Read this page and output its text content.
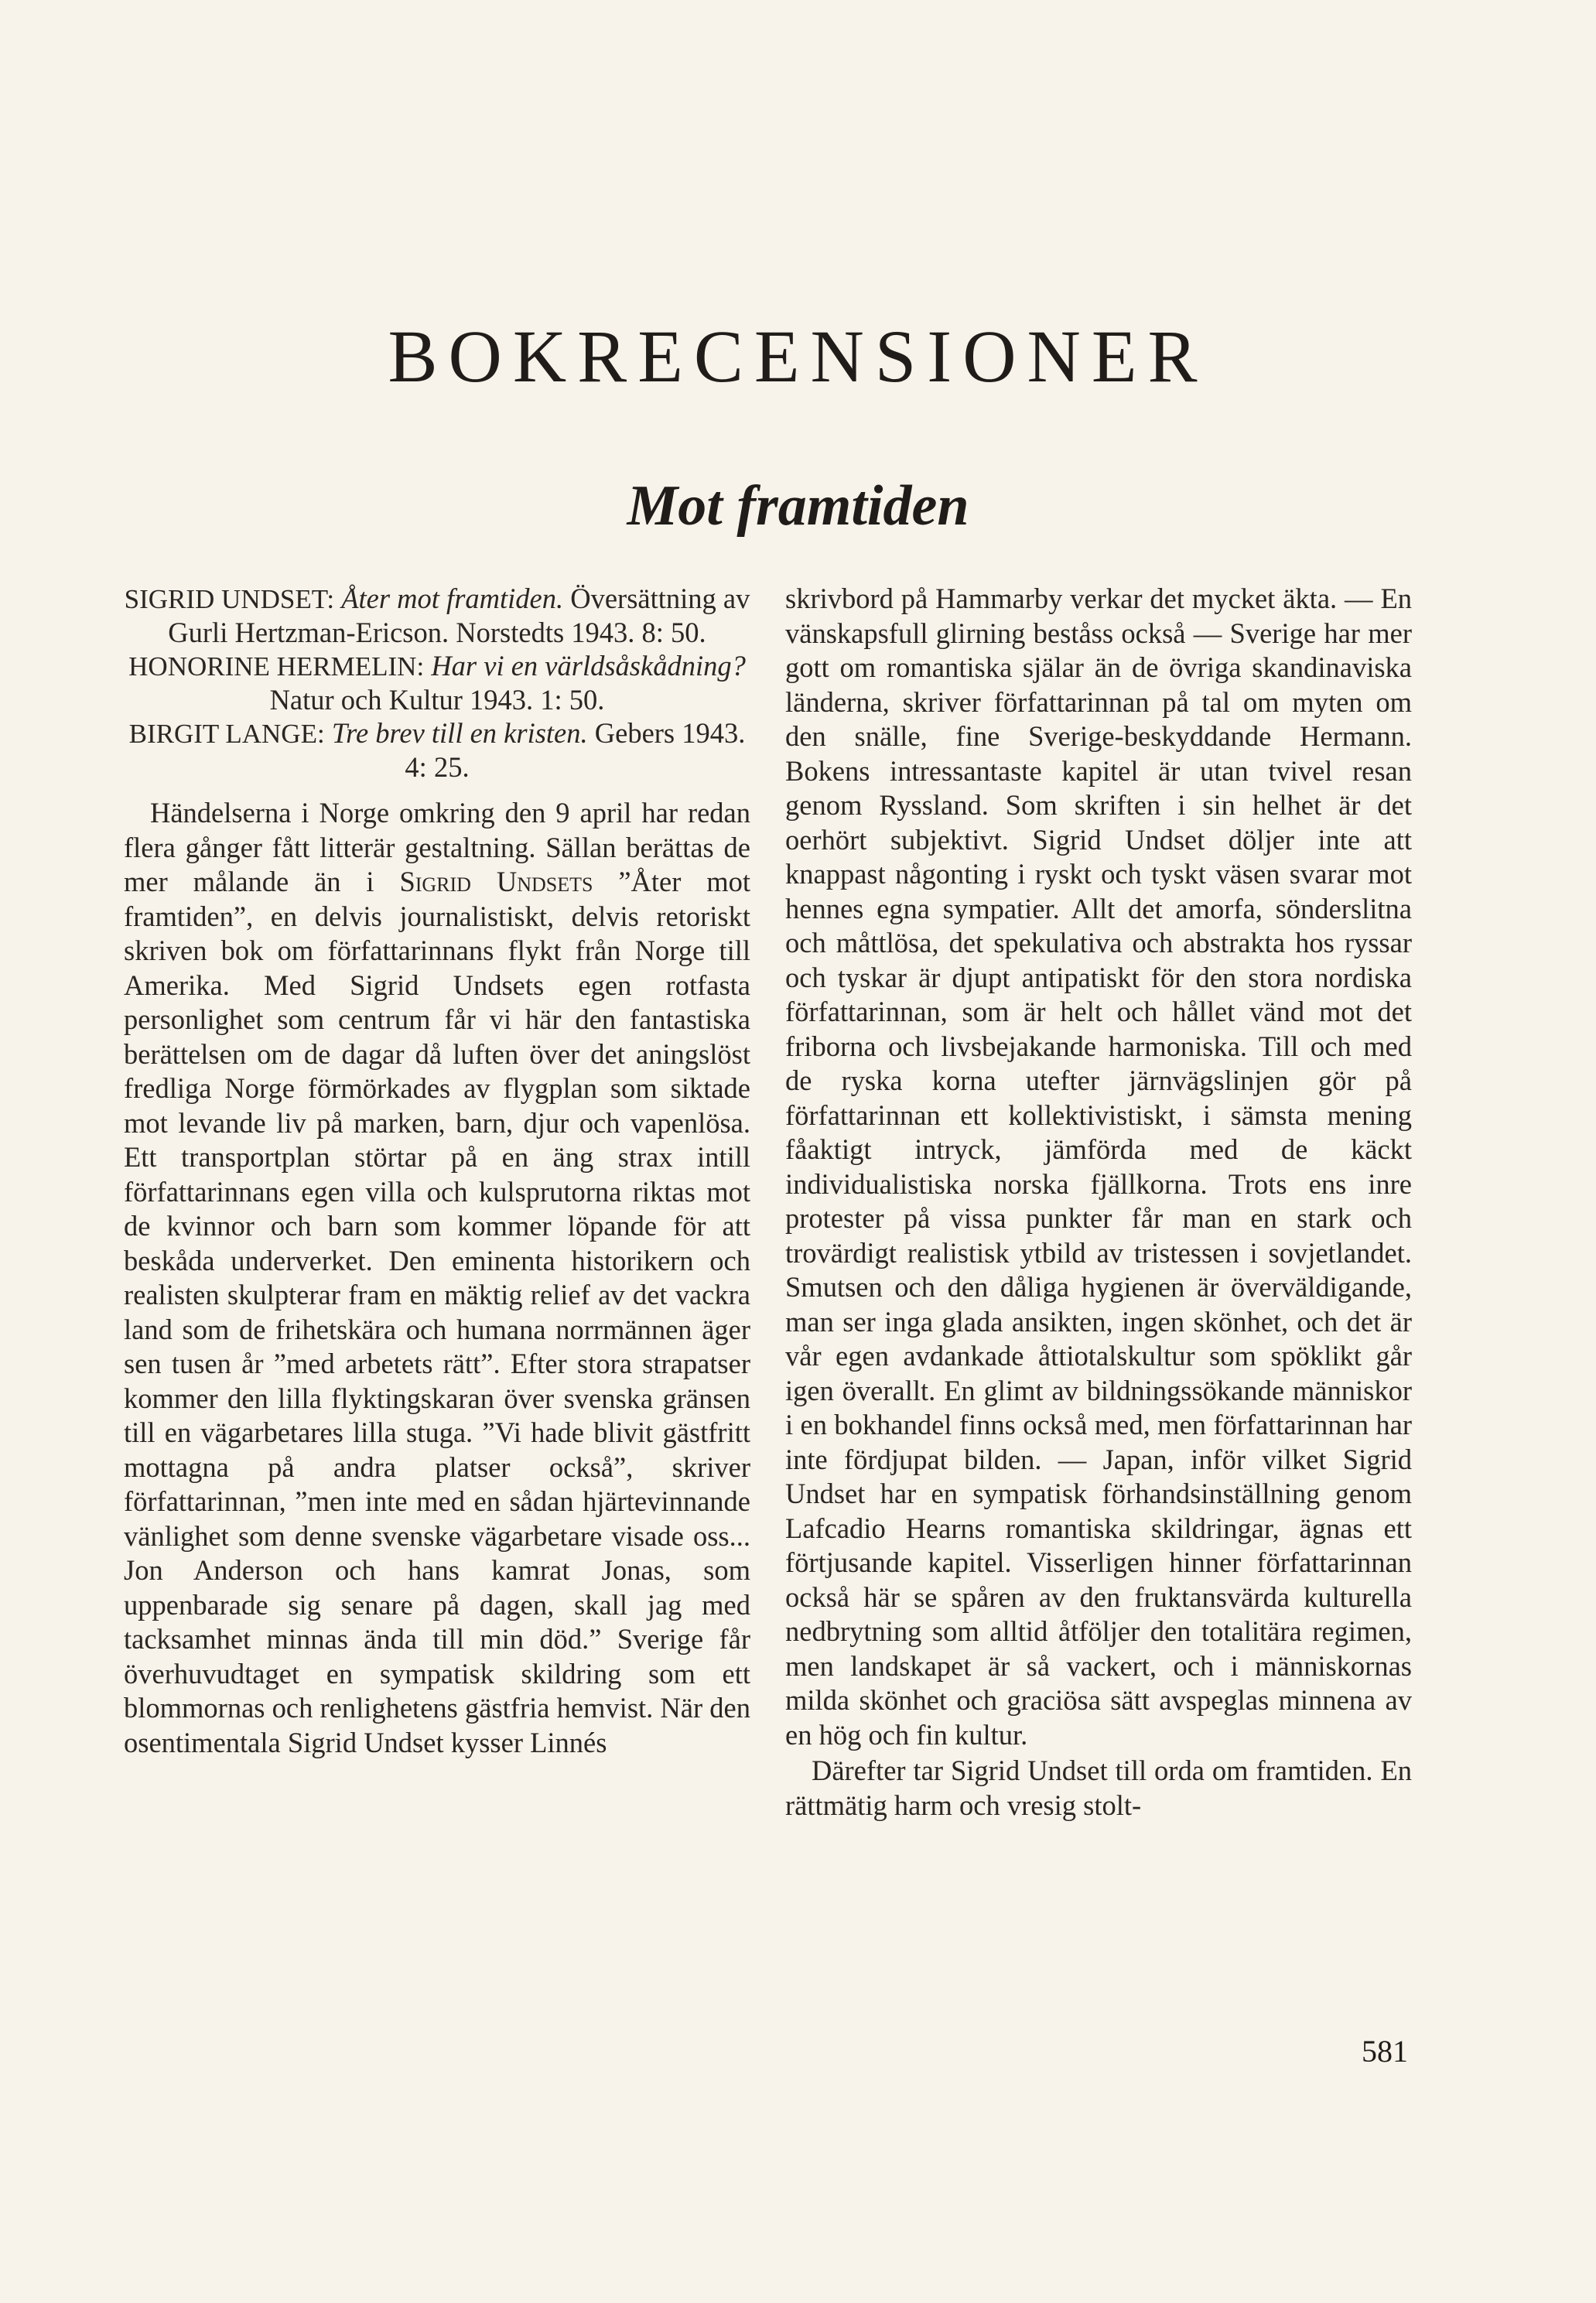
BOKRECENSIONER
Mot framtiden

SIGRID UNDSET: Åter mot framtiden. Översättning av Gurli Hertzman-Ericson. Norstedts 1943. 8: 50.

HONORINE HERMELIN: Har vi en världsåskådning? Natur och Kultur 1943. 1: 50.

BIRGIT LANGE: Tre brev till en kristen. Gebers 1943. 4: 25.

Händelserna i Norge omkring den 9 april har redan flera gånger fått litterär gestaltning. Sällan berättas de mer målande än i Sigrid Undsets ”Åter mot framtiden”, en delvis journalistiskt, delvis retoriskt skriven bok om författarinnans flykt från Norge till Amerika. Med Sigrid Undsets egen rotfasta personlighet som centrum får vi här den fantastiska berättelsen om de dagar då luften över det aningslöst fredliga Norge förmörkades av flygplan som siktade mot levande liv på marken, barn, djur och vapenlösa. Ett transportplan störtar på en äng strax intill författarinnans egen villa och kulsprutorna riktas mot de kvinnor och barn som kommer löpande för att beskåda underverket. Den eminenta historikern och realisten skulpterar fram en mäktig relief av det vackra land som de frihetskära och humana norrmännen äger sen tusen år ”med arbetets rätt”. Efter stora strapatser kommer den lilla flyktingskaran över svenska gränsen till en vägarbetares lilla stuga. ”Vi hade blivit gästfritt mottagna på andra platser också”, skriver författarinnan, ”men inte med en sådan hjärtevinnande vänlighet som denne svenske vägarbetare visade oss... Jon Anderson och hans kamrat Jonas, som uppenbarade sig senare på dagen, skall jag med tacksamhet minnas ända till min död.” Sverige får överhuvudtaget en sympatisk skildring som ett blommornas och renlighetens gästfria hemvist. När den osentimentala Sigrid Undset kysser Linnés

skrivbord på Hammarby verkar det mycket äkta. — En vänskapsfull glirning beståss också — Sverige har mer gott om romantiska själar än de övriga skandinaviska länderna, skriver författarinnan på tal om myten om den snälle, fine Sverige-beskyddande Hermann. Bokens intressantaste kapitel är utan tvivel resan genom Ryssland. Som skriften i sin helhet är det oerhört subjektivt. Sigrid Undset döljer inte att knappast någonting i ryskt och tyskt väsen svarar mot hennes egna sympatier. Allt det amorfa, sönderslitna och måttlösa, det spekulativa och abstrakta hos ryssar och tyskar är djupt antipatiskt för den stora nordiska författarinnan, som är helt och hållet vänd mot det friborna och livsbejakande harmoniska. Till och med de ryska korna utefter järnvägslinjen gör på författarinnan ett kollektivistiskt, i sämsta mening fåaktigt intryck, jämförda med de käckt individualistiska norska fjällkorna. Trots ens inre protester på vissa punkter får man en stark och trovärdigt realistisk ytbild av tristessen i sovjetlandet. Smutsen och den dåliga hygienen är överväldigande, man ser inga glada ansikten, ingen skönhet, och det är vår egen avdankade åttiotalskultur som spöklikt går igen överallt. En glimt av bildningssökande människor i en bokhandel finns också med, men författarinnan har inte fördjupat bilden. — Japan, inför vilket Sigrid Undset har en sympatisk förhandsinställning genom Lafcadio Hearns romantiska skildringar, ägnas ett förtjusande kapitel. Visserligen hinner författarinnan också här se spåren av den fruktansvärda kulturella nedbrytning som alltid åtföljer den totalitära regimen, men landskapet är så vackert, och i människornas milda skönhet och graciösa sätt avspeglas minnena av en hög och fin kultur.

Därefter tar Sigrid Undset till orda om framtiden. En rättmätig harm och vresig stolt-

581
